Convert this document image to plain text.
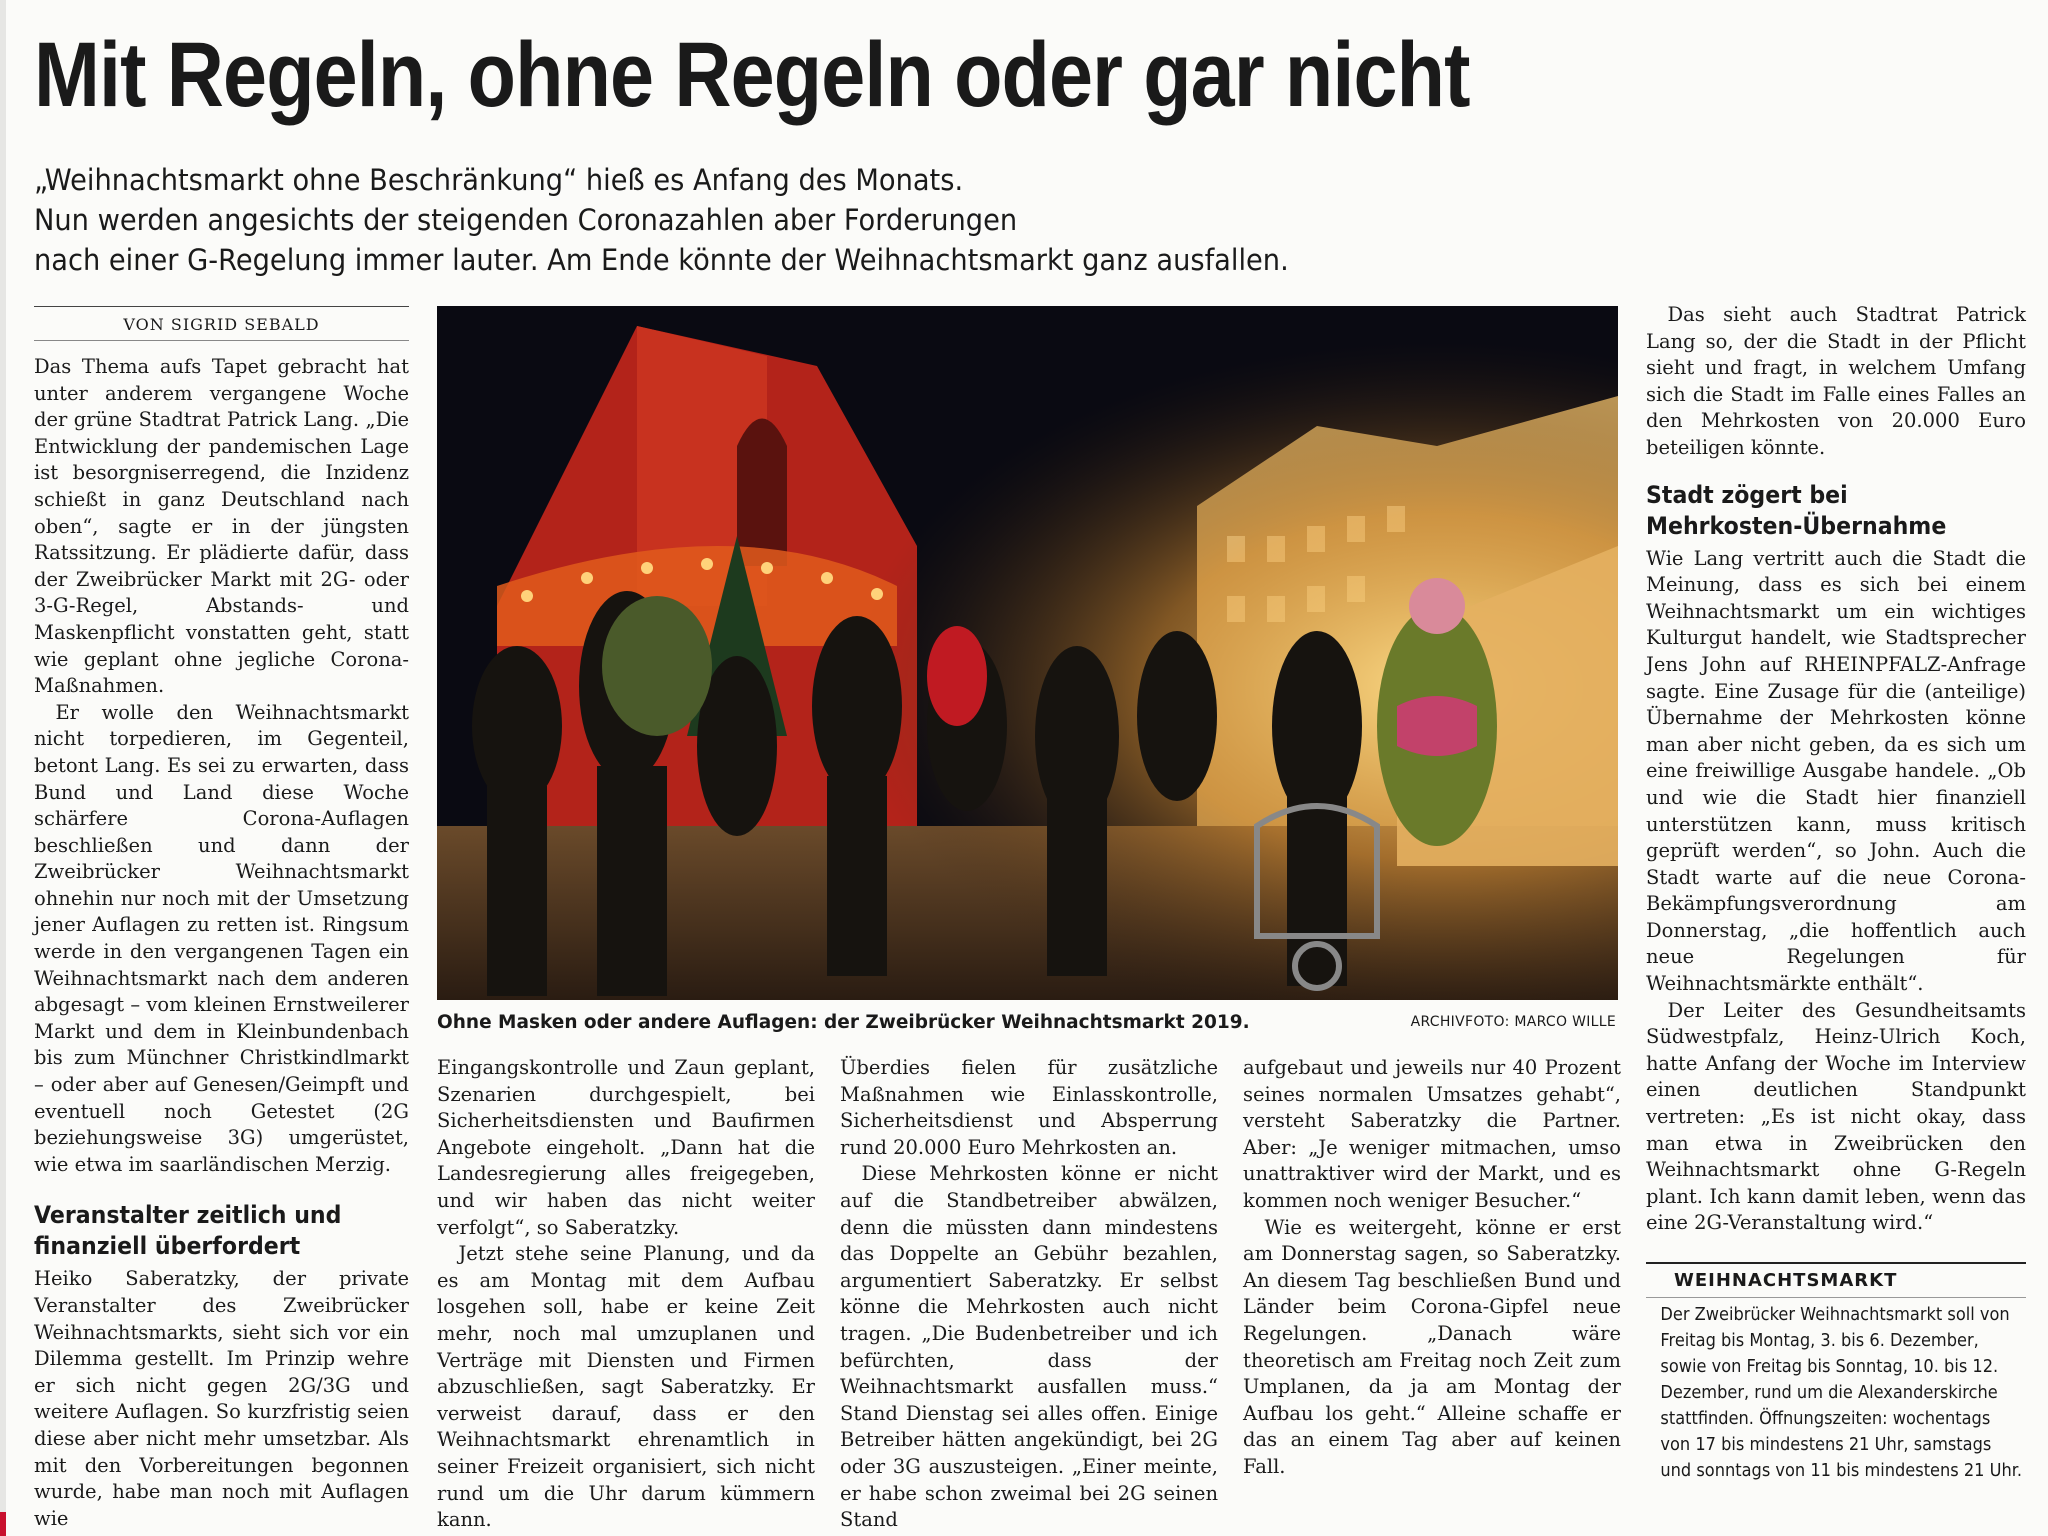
Mit Regeln, ohne Regeln oder gar nicht
„Weihnachtsmarkt ohne Beschränkung“ hieß es Anfang des Monats.
Nun werden angesichts der steigenden Coronazahlen aber Forderungen
nach einer G-Regelung immer lauter. Am Ende könnte der Weihnachtsmarkt ganz ausfallen.
VON SIGRID SEBALD

Das Thema aufs Tapet gebracht hat unter anderem vergangene Woche der grüne Stadtrat Patrick Lang. „Die Entwicklung der pandemischen Lage ist besorgniserregend, die Inzidenz schießt in ganz Deutschland nach oben“, sagte er in der jüngsten Ratssitzung. Er plädierte dafür, dass der Zweibrücker Markt mit 2G- oder 3-G-Regel, Abstands- und Maskenpflicht vonstatten geht, statt wie geplant ohne jegliche Corona-Maßnahmen.

Er wolle den Weihnachtsmarkt nicht torpedieren, im Gegenteil, betont Lang. Es sei zu erwarten, dass Bund und Land diese Woche schärfere Corona-Auflagen beschließen und dann der Zweibrücker Weihnachtsmarkt ohnehin nur noch mit der Umsetzung jener Auflagen zu retten ist. Ringsum werde in den vergangenen Tagen ein Weihnachtsmarkt nach dem anderen abgesagt – vom kleinen Ernstweilerer Markt und dem in Kleinbundenbach bis zum Münchner Christkindlmarkt – oder aber auf Genesen/Geimpft und eventuell noch Getestet (2G beziehungsweise 3G) umgerüstet, wie etwa im saarländischen Merzig.

Veranstalter zeitlich und
finanziell überfordert

Heiko Saberatzky, der private Veranstalter des Zweibrücker Weihnachtsmarkts, sieht sich vor ein Dilemma gestellt. Im Prinzip wehre er sich nicht gegen 2G/3G und weitere Auflagen. So kurzfristig seien diese aber nicht mehr umsetzbar. Als mit den Vorbereitungen begonnen wurde, habe man noch mit Auflagen wie

Ohne Masken oder andere Auflagen: der Zweibrücker Weihnachtsmarkt 2019.	ARCHIVFOTO: MARCO WILLE

Eingangskontrolle und Zaun geplant, Szenarien durchgespielt, bei Sicherheitsdiensten und Baufirmen Angebote eingeholt. „Dann hat die Landesregierung alles freigegeben, und wir haben das nicht weiter verfolgt“, so Saberatzky.

Jetzt stehe seine Planung, und da es am Montag mit dem Aufbau losgehen soll, habe er keine Zeit mehr, noch mal umzuplanen und Verträge mit Diensten und Firmen abzuschließen, sagt Saberatzky. Er verweist darauf, dass er den Weihnachtsmarkt ehrenamtlich in seiner Freizeit organisiert, sich nicht rund um die Uhr darum kümmern kann.

Überdies fielen für zusätzliche Maßnahmen wie Einlasskontrolle, Sicherheitsdienst und Absperrung rund 20.000 Euro Mehrkosten an.

Diese Mehrkosten könne er nicht auf die Standbetreiber abwälzen, denn die müssten dann mindestens das Doppelte an Gebühr bezahlen, argumentiert Saberatzky. Er selbst könne die Mehrkosten auch nicht tragen. „Die Budenbetreiber und ich befürchten, dass der Weihnachtsmarkt ausfallen muss.“ Stand Dienstag sei alles offen. Einige Betreiber hätten angekündigt, bei 2G oder 3G auszusteigen. „Einer meinte, er habe schon zweimal bei 2G seinen Stand

aufgebaut und jeweils nur 40 Prozent seines normalen Umsatzes gehabt“, versteht Saberatzky die Partner. Aber: „Je weniger mitmachen, umso unattraktiver wird der Markt, und es kommen noch weniger Besucher.“

Wie es weitergeht, könne er erst am Donnerstag sagen, so Saberatzky. An diesem Tag beschließen Bund und Länder beim Corona-Gipfel neue Regelungen. „Danach wäre theoretisch am Freitag noch Zeit zum Umplanen, da ja am Montag der Aufbau los geht.“ Alleine schaffe er das an einem Tag aber auf keinen Fall.

Das sieht auch Stadtrat Patrick Lang so, der die Stadt in der Pflicht sieht und fragt, in welchem Umfang sich die Stadt im Falle eines Falles an den Mehrkosten von 20.000 Euro beteiligen könnte.

Stadt zögert bei
Mehrkosten-Übernahme

Wie Lang vertritt auch die Stadt die Meinung, dass es sich bei einem Weihnachtsmarkt um ein wichtiges Kulturgut handelt, wie Stadtsprecher Jens John auf RHEINPFALZ-Anfrage sagte. Eine Zusage für die (anteilige) Übernahme der Mehrkosten könne man aber nicht geben, da es sich um eine freiwillige Ausgabe handele. „Ob und wie die Stadt hier finanziell unterstützen kann, muss kritisch geprüft werden“, so John. Auch die Stadt warte auf die neue Corona-Bekämpfungsverordnung am Donnerstag, „die hoffentlich auch neue Regelungen für Weihnachtsmärkte enthält“.

Der Leiter des Gesundheitsamts Südwestpfalz, Heinz-Ulrich Koch, hatte Anfang der Woche im Interview einen deutlichen Standpunkt vertreten: „Es ist nicht okay, dass man etwa in Zweibrücken den Weihnachtsmarkt ohne G-Regeln plant. Ich kann damit leben, wenn das eine 2G-Veranstaltung wird.“

WEIHNACHTSMARKT
Der Zweibrücker Weihnachtsmarkt soll von Freitag bis Montag, 3. bis 6. Dezember, sowie von Freitag bis Sonntag, 10. bis 12. Dezember, rund um die Alexanderskirche stattfinden. Öffnungszeiten: wochentags von 17 bis mindestens 21 Uhr, samstags und sonntags von 11 bis mindestens 21 Uhr.
